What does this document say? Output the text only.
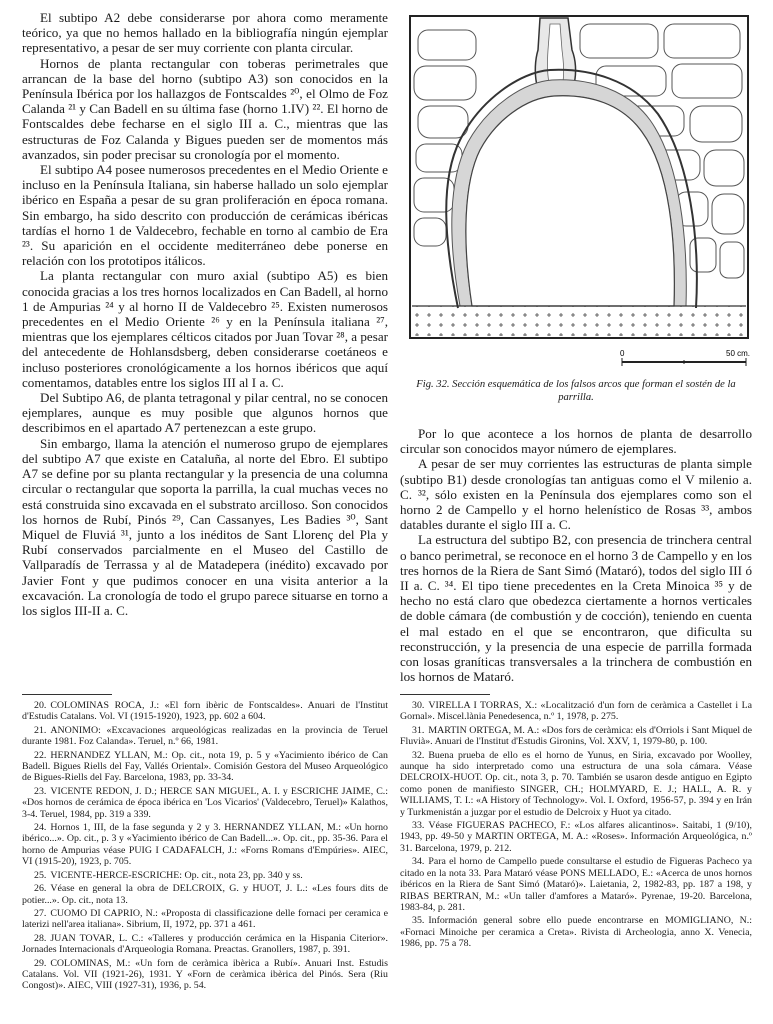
El subtipo A2 debe considerarse por ahora como meramente teórico, ya que no hemos hallado en la bibliografía ningún ejemplar representativo, a pesar de ser muy corriente con planta circular.

Hornos de planta rectangular con toberas perimetrales que arrancan de la base del horno (subtipo A3) son conocidos en la Península Ibérica por los hallazgos de Fontscaldes ²⁰, el Olmo de Foz Calanda ²¹ y Can Badell en su última fase (horno 1.IV) ²². El horno de Fontscaldes debe fecharse en el siglo III a. C., mientras que las estructuras de Foz Calanda y Bigues pueden ser de momentos más avanzados, sin poder precisar su cronología por el momento.

El subtipo A4 posee numerosos precedentes en el Medio Oriente e incluso en la Península Italiana, sin haberse hallado un solo ejemplar ibérico en España a pesar de su gran proliferación en época romana. Sin embargo, ha sido descrito con producción de cerámicas ibéricas tardías el horno 1 de Valdecebro, fechable en torno al cambio de Era ²³. Su aparición en el occidente mediterráneo debe ponerse en relación con los prototipos itálicos.

La planta rectangular con muro axial (subtipo A5) es bien conocida gracias a los tres hornos localizados en Can Badell, al horno 1 de Ampurias ²⁴ y al horno II de Valdecebro ²⁵. Existen numerosos precedentes en el Medio Oriente ²⁶ y en la Península italiana ²⁷, mientras que los ejemplares célticos citados por Juan Tovar ²⁸, a pesar del antecedente de Hohlansdsberg, deben considerarse coetáneos e incluso posteriores cronológicamente a los hornos ibéricos que aquí comentamos, datables entre los siglos III al I a. C.

Del Subtipo A6, de planta tetragonal y pilar central, no se conocen ejemplares, aunque es muy posible que algunos hornos que describimos en el apartado A7 pertenezcan a este grupo.

Sin embargo, llama la atención el numeroso grupo de ejemplares del subtipo A7 que existe en Cataluña, al norte del Ebro. El subtipo A7 se define por su planta rectangular y la presencia de una columna circular o rectangular que soporta la parrilla, la cual muchas veces no está construida sino excavada en el substrato arcilloso. Son conocidos los hornos de Rubí, Pinós ²⁹, Can Cassanyes, Les Badies ³⁰, Sant Miquel de Fluviá ³¹, junto a los inéditos de Sant Llorenç del Pla y Rubí conservados parcialmente en el Museo del Castillo de Vallparadís de Terrassa y al de Matadepera (inédito) excavado por Javier Font y que pudimos conocer en una visita anterior a la excavación. La cronología de todo el grupo parece situarse en torno a los siglos III-II a. C.

0	50 cm.

Fig. 32. Sección esquemática de los falsos arcos que forman el sostén de la parrilla.

Por lo que acontece a los hornos de planta de desarrollo circular son conocidos mayor número de ejemplares.

A pesar de ser muy corrientes las estructuras de planta simple (subtipo B1) desde cronologías tan antiguas como el V milenio a. C. ³², sólo existen en la Península dos ejemplares como son el horno 2 de Campello y el horno helenístico de Rosas ³³, ambos datables durante el siglo III a. C.

La estructura del subtipo B2, con presencia de trinchera central o banco perimetral, se reconoce en el horno 3 de Campello y en los tres hornos de la Riera de Sant Simó (Mataró), todos del siglo III ó II a. C. ³⁴. El tipo tiene precedentes en la Creta Minoica ³⁵ y de hecho no está claro que obedezca ciertamente a hornos verticales de doble cámara (de combustión y de cocción), teniendo en cuenta el mal estado en el que se encontraron, que dificulta su reconstrucción, y la presencia de una especie de parrilla formada con losas graníticas transversales a la trinchera de combustión en los hornos de Mataró.

20. COLOMINAS ROCA, J.: «El forn ibèric de Fontscaldes». Anuari de l'Institut d'Estudis Catalans. Vol. VI (1915-1920), 1923, pp. 602 a 604.

21. ANONIMO: «Excavaciones arqueológicas realizadas en la provincia de Teruel durante 1981. Foz Calanda». Teruel, n.º 66, 1981.

22. HERNANDEZ YLLAN, M.: Op. cit., nota 19, p. 5 y «Yacimiento ibérico de Can Badell. Bigues Riells del Fay, Vallés Oriental». Comisión Gestora del Museo Arqueológico de Bigues-Riells del Fay. Barcelona, 1983, pp. 33-34.

23. VICENTE REDON, J. D.; HERCE SAN MIGUEL, A. I. y ESCRICHE JAIME, C.: «Dos hornos de cerámica de época ibérica en 'Los Vicarios' (Valdecebro, Teruel)» Kalathos, 3-4. Teruel, 1984, pp. 319 a 339.

24. Hornos 1, III, de la fase segunda y 2 y 3. HERNANDEZ YLLAN, M.: «Un horno ibérico...». Op. cit., p. 3 y «Yacimiento ibérico de Can Badell...». Op. cit., pp. 35-36. Para el horno de Ampurias véase PUIG I CADAFALCH, J.: «Forns Romans d'Empúries». AIEC, VI (1915-20), 1923, p. 705.

25. VICENTE-HERCE-ESCRICHE: Op. cit., nota 23, pp. 340 y ss.

26. Véase en general la obra de DELCROIX, G. y HUOT, J. L.: «Les fours dits de potier...». Op. cit., nota 13.

27. CUOMO DI CAPRIO, N.: «Proposta di classificazione delle fornaci per ceramica e laterizi nell'area italiana». Sibrium, II, 1972, pp. 371 a 461.

28. JUAN TOVAR, L. C.: «Talleres y producción cerámica en la Hispania Citerior». Jornades Internacionals d'Arqueologia Romana. Preactas. Granollers, 1987, p. 391.

29. COLOMINAS, M.: «Un forn de ceràmica ibèrica a Rubí». Anuari Inst. Estudis Catalans. Vol. VII (1921-26), 1931. Y «Forn de ceràmica ibèrica del Pinós. Sera (Riu Congost)». AIEC, VIII (1927-31), 1936, p. 54.

30. VIRELLA I TORRAS, X.: «Localització d'un forn de ceràmica a Castellet i La Gornal». Miscel.lània Penedesenca, n.º 1, 1978, p. 275.

31. MARTIN ORTEGA, M. A.: «Dos fors de ceràmica: els d'Orriols i Sant Miquel de Fluvià». Anuari de l'Institut d'Estudis Gironins, Vol. XXV, 1, 1979-80, p. 100.

32. Buena prueba de ello es el horno de Yunus, en Siria, excavado por Woolley, aunque ha sido interpretado como una estructura de una sola cámara. Véase DELCROIX-HUOT. Op. cit., nota 3, p. 70. También se usaron desde antiguo en Egipto como ponen de manifiesto SINGER, CH.; HOLMYARD, E. J.; HALL, A. R. y WILLIAMS, T. I.: «A History of Technology». Vol. I. Oxford, 1956-57, p. 394 y en Irán y Turkmenistán a juzgar por el estudio de Delcroix y Huot ya citado.

33. Véase FIGUERAS PACHECO, F.: «Los alfares alicantinos». Saitabi, 1 (9/10), 1943, pp. 49-50 y MARTIN ORTEGA, M. A.: «Roses». Información Arqueológica, n.º 31. Barcelona, 1979, p. 212.

34. Para el horno de Campello puede consultarse el estudio de Figueras Pacheco ya citado en la nota 33. Para Mataró véase PONS MELLADO, E.: «Acerca de unos hornos ibéricos en la Riera de Sant Simó (Mataró)». Laietania, 2, 1982-83, pp. 187 a 198, y RIBAS BERTRAN, M.: «Un taller d'amfores a Mataró». Pyrenae, 19-20. Barcelona, 1983-84, p. 281.

35. Información general sobre ello puede encontrarse en MOMIGLIANO, N.: «Fornaci Minoiche per ceramica a Creta». Rivista di Archeologia, anno X. Venecia, 1986, pp. 75 a 78.
